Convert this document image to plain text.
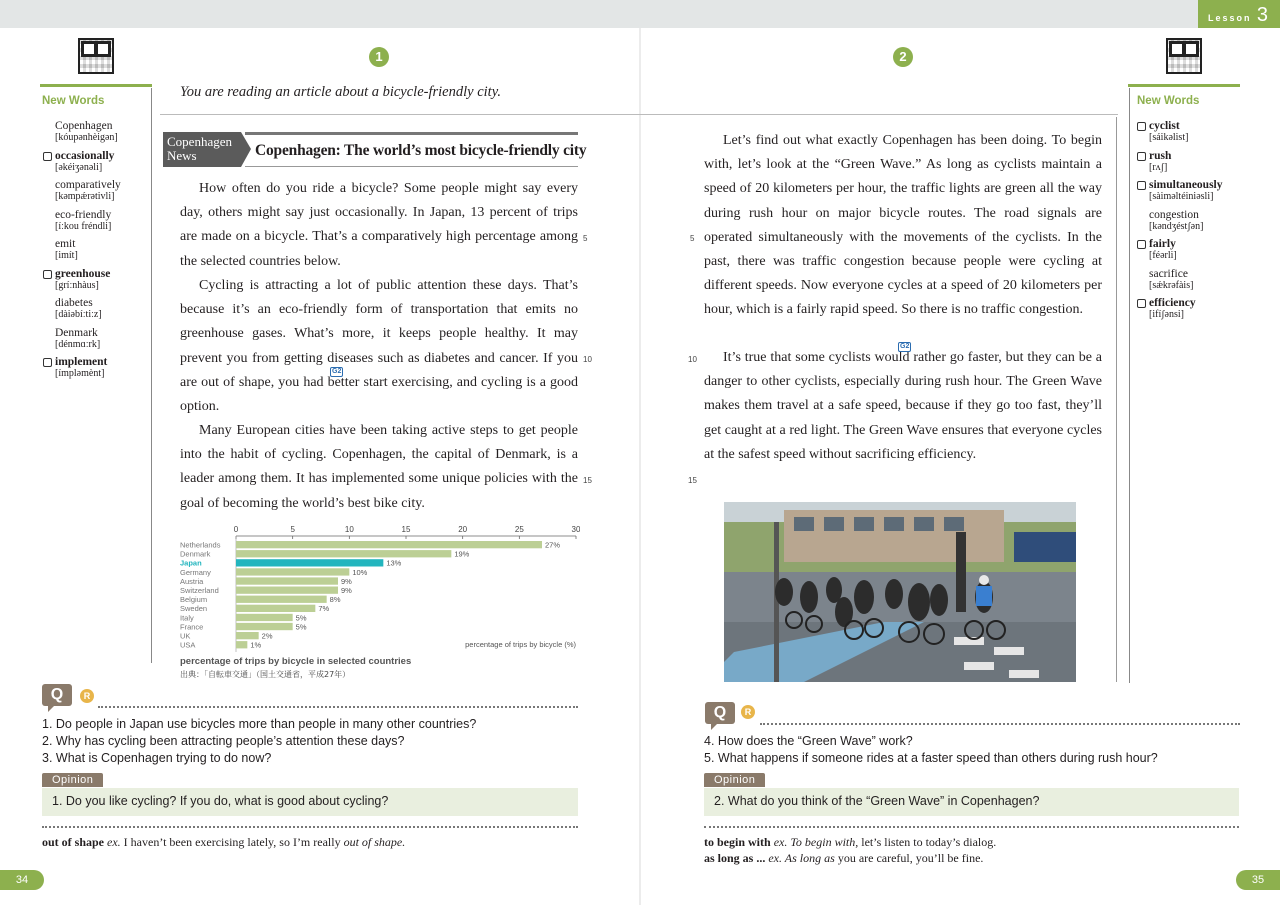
Lesson 3
1	2
New Words
Copenhagen
[kóupənhèigən]
occasionally
[əkéiʒənəli]
comparatively
[kəmpǽrətivli]
eco-friendly
[íːkou fréndli]
emit
[imít]
greenhouse
[gríːnhàus]
diabetes
[dàiəbíːtiːz]
Denmark
[dénmɑːrk]
implement
[ímpləmènt]
New Words
cyclist
[sáikəlist]
rush
[rʌʃ]
simultaneously
[sàiməltéiniəsli]
congestion
[kəndʒéstʃən]
fairly
[féərli]
sacrifice
[sǽkrəfàis]
efficiency
[ifíʃənsi]
You are reading an article about a bicycle-friendly city.
Copenhagen
News	Copenhagen: The world’s most bicycle-friendly city
How often do you ride a bicycle? Some people might say every day, others might say just occasionally. In Japan, 13 percent of trips are made on a bicycle. That’s a comparatively high percentage among the selected countries below.
Cycling is attracting a lot of public attention these days. That’s because it’s an eco-friendly form of transportation that emits no greenhouse gases. What’s more, it keeps people healthy. It may prevent you from getting diseases such as diabetes and cancer. If you are out of shape, you had better start exercising, and cycling is a good option.
Many European cities have been taking active steps to get people into the habit of cycling. Copenhagen, the capital of Denmark, is a leader among them. It has implemented some unique policies with the goal of becoming the world’s best bike city.
5
10
15
G2
Let’s find out what exactly Copenhagen has been doing. To begin with, let’s look at the “Green Wave.” As long as cyclists maintain a speed of 20 kilometers per hour, the traffic lights are green all the way during rush hour on major bicycle routes. The road signals are operated simultaneously with the movements of the cyclists. In the past, there was traffic congestion because people were cycling at different speeds. Now everyone cycles at a speed of 20 kilometers per hour, which is a fairly rapid speed. So there is no traffic congestion.
It’s true that some cyclists would rather go faster, but they can be a danger to other cyclists, especially during rush hour. The Green Wave makes them travel at a safe speed, because if they go too fast, they’ll get caught at a red light. The Green Wave ensures that everyone cycles at the safest speed without sacrificing efficiency.
5
10
15
G2
0	5	10	15	20	25	30
Netherlands	27%
Denmark	19%
Japan	13%
Germany	10%
Austria	9%
Switzerland	9%
Belgium	8%
Sweden	7%
Italy	5%
France	5%
UK	2%
USA	1%	percentage of trips by bicycle (%)
percentage of trips by bicycle in selected countries
出典：「自転車交通」（国土交通省，平成27年）
Q	R
1. Do people in Japan use bicycles more than people in many other countries?
2. Why has cycling been attracting people’s attention these days?
3. What is Copenhagen trying to do now?
Opinion
1. Do you like cycling? If you do, what is good about cycling?
out of shape ex. I haven’t been exercising lately, so I’m really out of shape.
Q	R
4. How does the “Green Wave” work?
5. What happens if someone rides at a faster speed than others during rush hour?
Opinion
2. What do you think of the “Green Wave” in Copenhagen?
to begin with ex. To begin with, let’s listen to today’s dialog.
as long as ... ex. As long as you are careful, you’ll be fine.
34	35
